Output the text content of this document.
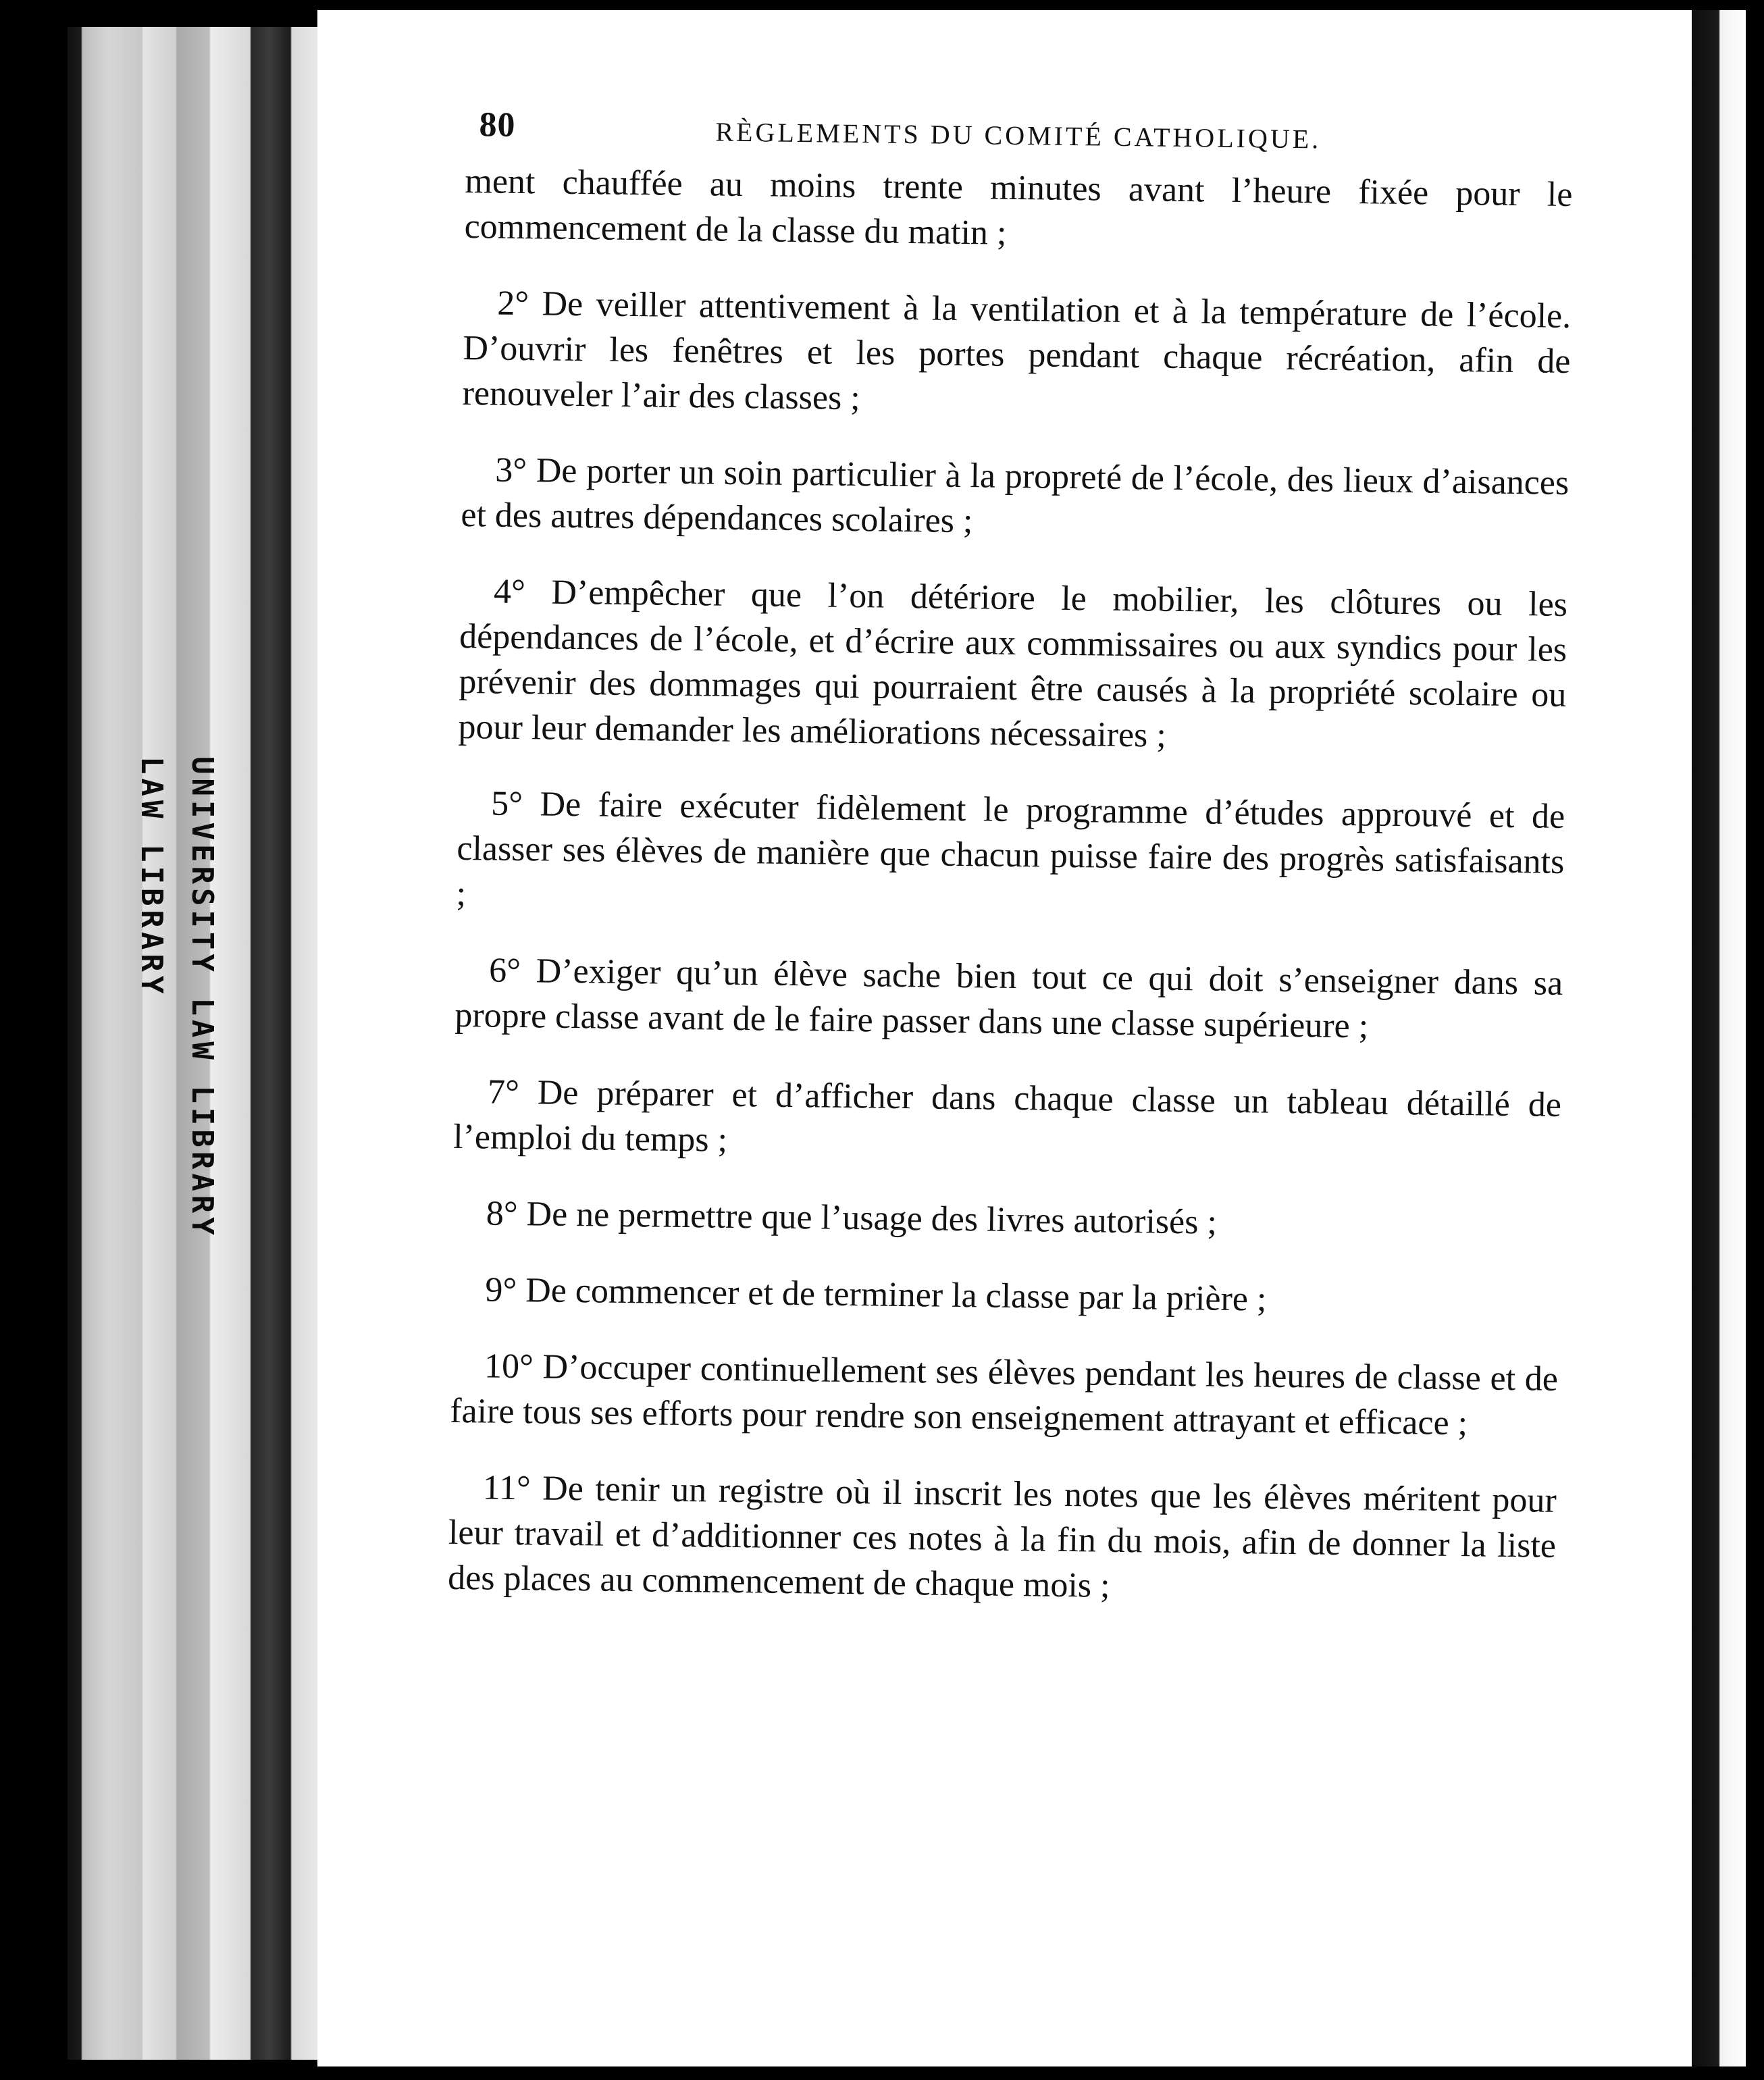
UNIVERSITY LAW LIBRARY
LAW LIBRARY
80	RÈGLEMENTS DU COMITÉ CATHOLIQUE.

ment chauffée au moins trente minutes avant l’heure fixée pour le commencement de la classe du matin ;

2° De veiller attentivement à la ventilation et à la température de l’école. D’ouvrir les fenêtres et les portes pendant chaque récréation, afin de renouveler l’air des classes ;

3° De porter un soin particulier à la propreté de l’école, des lieux d’aisances et des autres dépendances scolaires ;

4° D’empêcher que l’on détériore le mobilier, les clôtures ou les dépendances de l’école, et d’écrire aux commissaires ou aux syndics pour les prévenir des dommages qui pourraient être causés à la propriété scolaire ou pour leur demander les améliorations nécessaires ;

5° De faire exécuter fidèlement le programme d’études approuvé et de classer ses élèves de manière que chacun puisse faire des progrès satisfaisants ;

6° D’exiger qu’un élève sache bien tout ce qui doit s’enseigner dans sa propre classe avant de le faire passer dans une classe supérieure ;

7° De préparer et d’afficher dans chaque classe un tableau détaillé de l’emploi du temps ;

8° De ne permettre que l’usage des livres autorisés ;

9° De commencer et de terminer la classe par la prière ;

10° D’occuper continuellement ses élèves pendant les heures de classe et de faire tous ses efforts pour rendre son enseignement attrayant et efficace ;

11° De tenir un registre où il inscrit les notes que les élèves méritent pour leur travail et d’additionner ces notes à la fin du mois, afin de donner la liste des places au commencement de chaque mois ;
